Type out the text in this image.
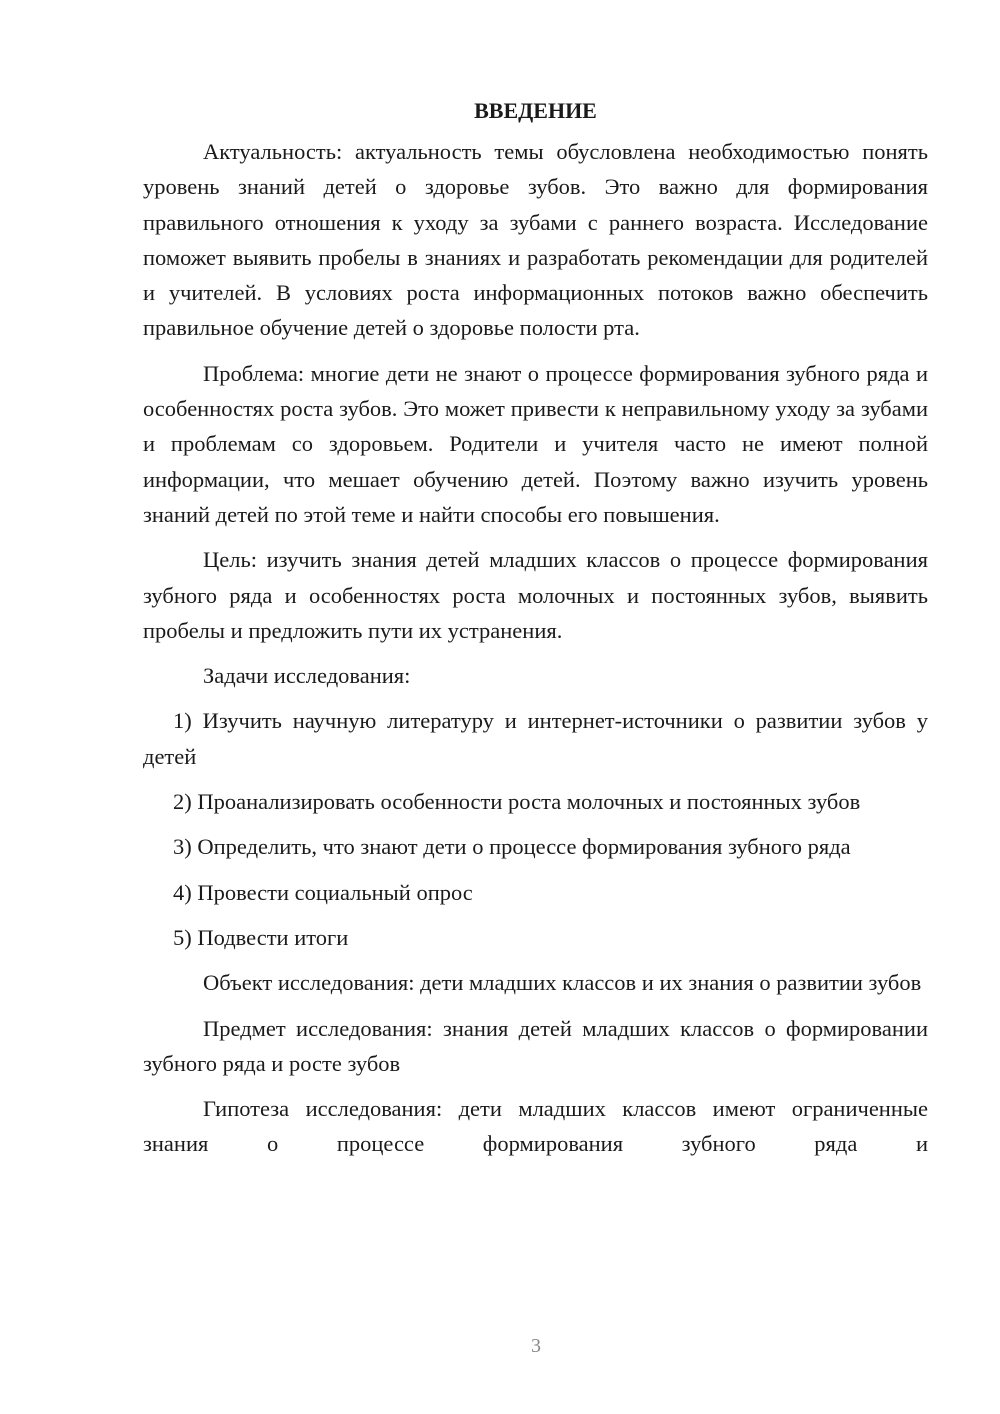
ВВЕДЕНИЕ

Актуальность: актуальность темы обусловлена необходимостью понять уровень знаний детей о здоровье зубов. Это важно для формирования правильного отношения к уходу за зубами с раннего возраста. Исследование поможет выявить пробелы в знаниях и разработать рекомендации для родителей и учителей. В условиях роста информационных потоков важно обеспечить правильное обучение детей о здоровье полости рта.

Проблема: многие дети не знают о процессе формирования зубного ряда и особенностях роста зубов. Это может привести к неправильному уходу за зубами и проблемам со здоровьем. Родители и учителя часто не имеют полной информации, что мешает обучению детей. Поэтому важно изучить уровень знаний детей по этой теме и найти способы его повышения.

Цель: изучить знания детей младших классов о процессе формирования зубного ряда и особенностях роста молочных и постоянных зубов, выявить пробелы и предложить пути их устранения.

Задачи исследования:

1) Изучить научную литературу и интернет-источники о развитии зубов у детей

2) Проанализировать особенности роста молочных и постоянных зубов

3) Определить, что знают дети о процессе формирования зубного ряда

4) Провести социальный опрос

5) Подвести итоги

Объект исследования: дети младших классов и их знания о развитии зубов

Предмет исследования: знания детей младших классов о формировании зубного ряда и росте зубов

Гипотеза исследования: дети младших классов имеют ограниченные знания о процессе формирования зубного ряда и

3
